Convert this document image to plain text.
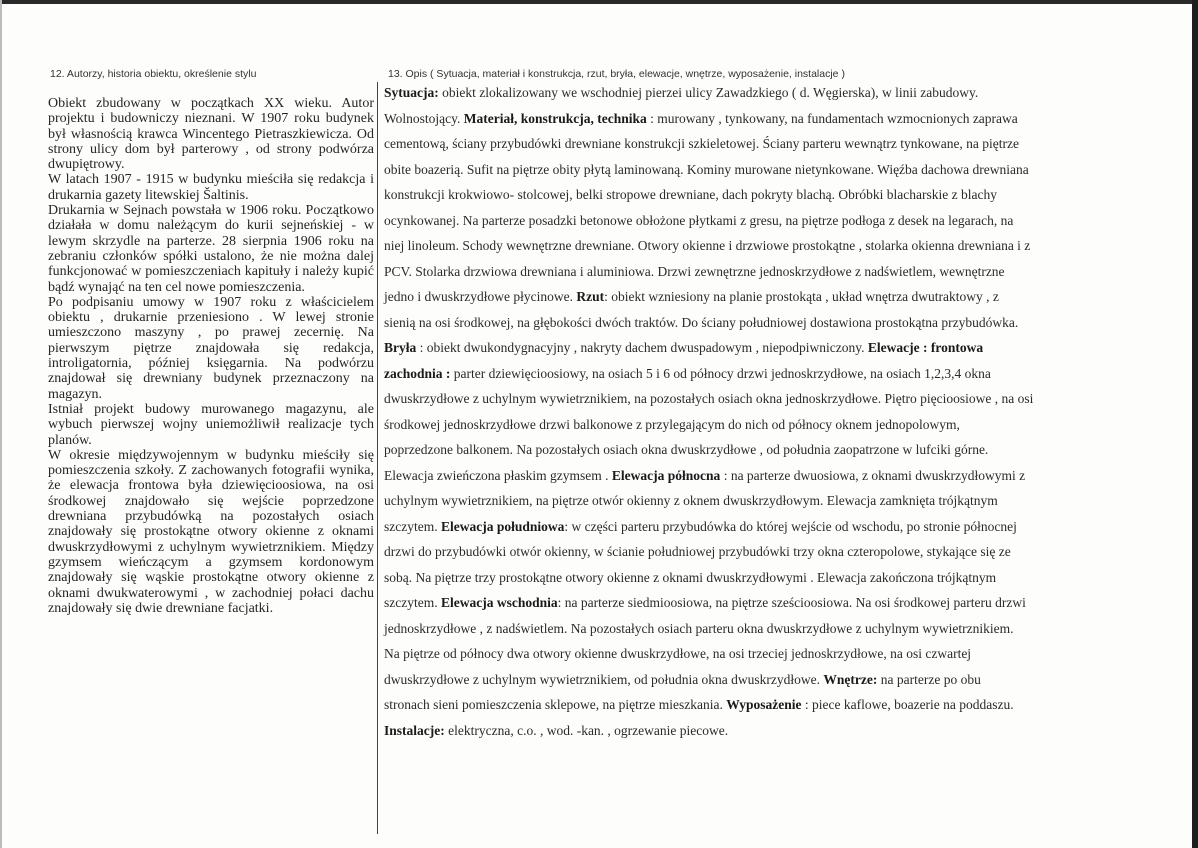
12. Autorzy, historia obiektu, określenie stylu	13. Opis ( Sytuacja, materiał i konstrukcja, rzut, bryła, elewacje, wnętrze, wyposażenie, instalacje )

Obiekt zbudowany w początkach XX wieku. Autor projektu i budowniczy nieznani. W 1907 roku budynek był własnością krawca Wincentego Pietraszkiewicza. Od strony ulicy dom był parterowy , od strony podwórza dwupiętrowy.

W latach 1907 - 1915 w budynku mieściła się redakcja i drukarnia gazety litewskiej Šaltinis.

Drukarnia w Sejnach powstała w 1906 roku. Początkowo działała w domu należącym do kurii sejneńskiej - w lewym skrzydle na parterze. 28 sierpnia 1906 roku na zebraniu członków spółki ustalono, że nie można dalej funkcjonować w pomieszczeniach kapituły i należy kupić bądź wynająć na ten cel nowe pomieszczenia.

Po podpisaniu umowy w 1907 roku z właścicielem obiektu , drukarnie przeniesiono . W lewej stronie umieszczono maszyny , po prawej zecernię. Na pierwszym piętrze znajdowała się redakcja, introligatornia, później księgarnia. Na podwórzu znajdował się drewniany budynek przeznaczony na magazyn.

Istniał projekt budowy murowanego magazynu, ale wybuch pierwszej wojny uniemożliwił realizacje tych planów.

W okresie międzywojennym w budynku mieściły się pomieszczenia szkoły. Z zachowanych fotografii wynika, że elewacja frontowa była dziewięcioosiowa, na osi środkowej znajdowało się wejście poprzedzone drewniana przybudówką na pozostałych osiach znajdowały się prostokątne otwory okienne z oknami dwuskrzydłowymi z uchylnym wywietrznikiem. Między gzymsem wieńczącym a gzymsem kordonowym znajdowały się wąskie prostokątne otwory okienne z oknami dwukwaterowymi , w zachodniej połaci dachu znajdowały się dwie drewniane facjatki.

Sytuacja: obiekt zlokalizowany we wschodniej pierzei ulicy Zawadzkiego ( d. Węgierska), w linii zabudowy.
Wolnostojący. Materiał, konstrukcja, technika : murowany , tynkowany, na fundamentach wzmocnionych zaprawa
cementową, ściany przybudówki drewniane konstrukcji szkieletowej. Ściany parteru wewnątrz tynkowane, na piętrze
obite boazerią. Sufit na piętrze obity płytą laminowaną. Kominy murowane nietynkowane. Więźba dachowa drewniana
konstrukcji krokwiowo- stolcowej, belki stropowe drewniane, dach pokryty blachą. Obróbki blacharskie z blachy
ocynkowanej. Na parterze posadzki betonowe obłożone płytkami z gresu, na piętrze podłoga z desek na legarach, na
niej linoleum. Schody wewnętrzne drewniane. Otwory okienne i drzwiowe prostokątne , stolarka okienna drewniana i z
PCV. Stolarka drzwiowa drewniana i aluminiowa. Drzwi zewnętrzne jednoskrzydłowe z nadświetlem, wewnętrzne
jedno i dwuskrzydłowe płycinowe. Rzut: obiekt wzniesiony na planie prostokąta , układ wnętrza dwutraktowy , z
sienią na osi środkowej, na głębokości dwóch traktów. Do ściany południowej dostawiona prostokątna przybudówka.
Bryła : obiekt dwukondygnacyjny , nakryty dachem dwuspadowym , niepodpiwniczony. Elewacje : frontowa
zachodnia : parter dziewięcioosiowy, na osiach 5 i 6 od północy drzwi jednoskrzydłowe, na osiach 1,2,3,4 okna
dwuskrzydłowe z uchylnym wywietrznikiem, na pozostałych osiach okna jednoskrzydłowe. Piętro pięcioosiowe , na osi
środkowej jednoskrzydłowe drzwi balkonowe z przylegającym do nich od północy oknem jednopolowym,
poprzedzone balkonem. Na pozostałych osiach okna dwuskrzydłowe , od południa zaopatrzone w lufciki górne.
Elewacja zwieńczona płaskim gzymsem . Elewacja północna : na parterze dwuosiowa, z oknami dwuskrzydłowymi z
uchylnym wywietrznikiem, na piętrze otwór okienny z oknem dwuskrzydłowym. Elewacja zamknięta trójkątnym
szczytem. Elewacja południowa: w części parteru przybudówka do której wejście od wschodu, po stronie północnej
drzwi do przybudówki otwór okienny, w ścianie południowej przybudówki trzy okna czteropolowe, stykające się ze
sobą. Na piętrze trzy prostokątne otwory okienne z oknami dwuskrzydłowymi . Elewacja zakończona trójkątnym
szczytem. Elewacja wschodnia: na parterze siedmioosiowa, na piętrze sześcioosiowa. Na osi środkowej parteru drzwi
jednoskrzydłowe , z nadświetlem. Na pozostałych osiach parteru okna dwuskrzydłowe z uchylnym wywietrznikiem.
Na piętrze od północy dwa otwory okienne dwuskrzydłowe, na osi trzeciej jednoskrzydłowe, na osi czwartej
dwuskrzydłowe z uchylnym wywietrznikiem, od południa okna dwuskrzydłowe. Wnętrze: na parterze po obu
stronach sieni pomieszczenia sklepowe, na piętrze mieszkania. Wyposażenie : piece kaflowe, boazerie na poddaszu.
Instalacje: elektryczna, c.o. , wod. -kan. , ogrzewanie piecowe.
